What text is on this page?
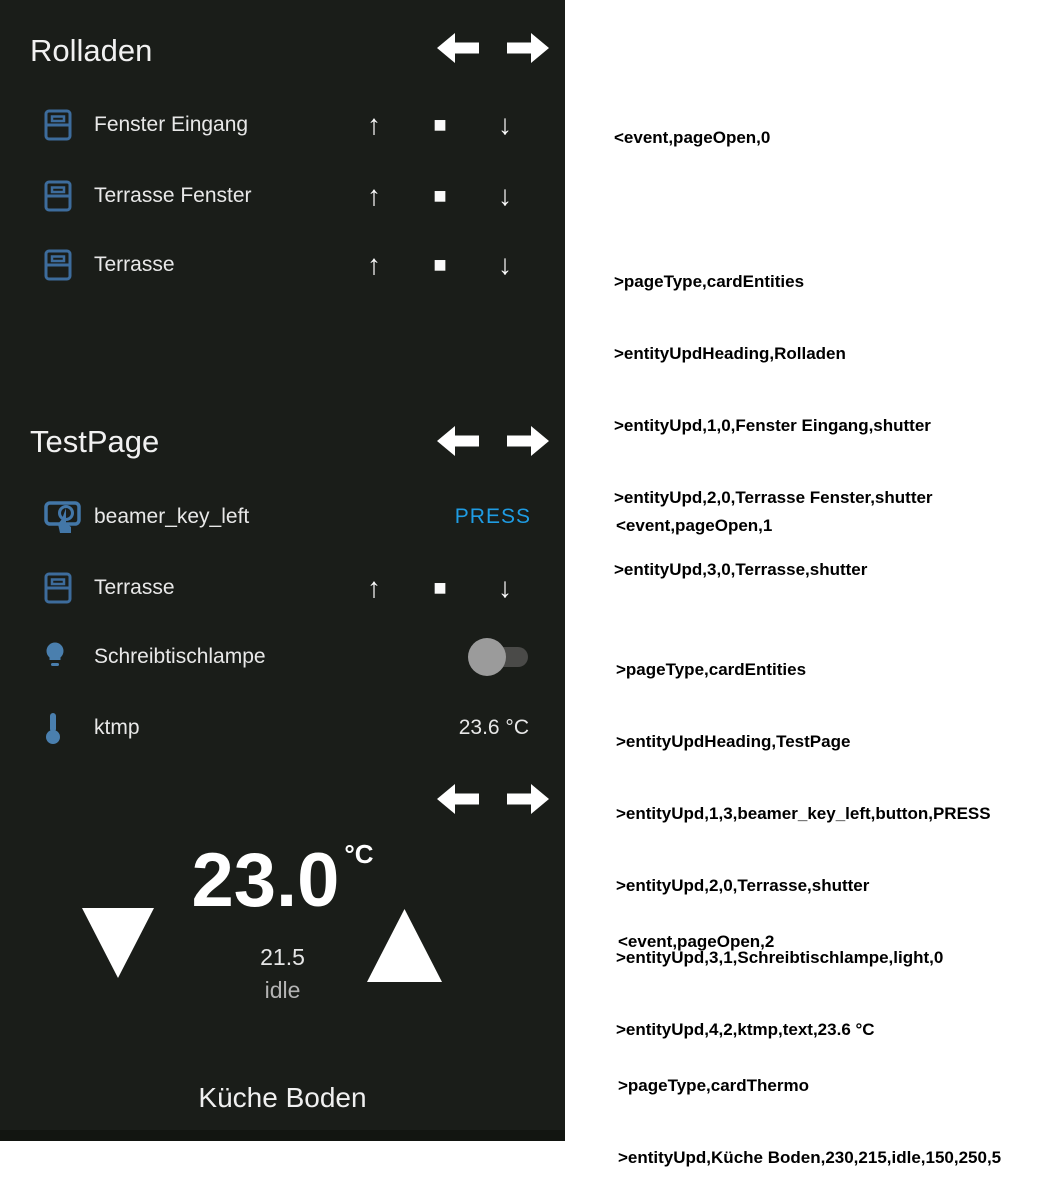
Rolladen
Fenster Eingang	↑ ■ ↓
Terrasse Fenster	↑ ■ ↓
Terrasse	↑ ■ ↓
TestPage
beamer_key_left	PRESS
Terrasse	↑ ■ ↓
Schreibtischlampe
ktmp	23.6 °C
23.0 °C
21.5
idle
Küche Boden

<event,pageOpen,0

>pageType,cardEntities

>entityUpdHeading,Rolladen

>entityUpd,1,0,Fenster Eingang,shutter

>entityUpd,2,0,Terrasse Fenster,shutter

>entityUpd,3,0,Terrasse,shutter

<event,pageOpen,1

>pageType,cardEntities

>entityUpdHeading,TestPage

>entityUpd,1,3,beamer_key_left,button,PRESS

>entityUpd,2,0,Terrasse,shutter

>entityUpd,3,1,Schreibtischlampe,light,0

>entityUpd,4,2,ktmp,text,23.6 °C

<event,pageOpen,2

>pageType,cardThermo

>entityUpd,Küche Boden,230,215,idle,150,250,5
